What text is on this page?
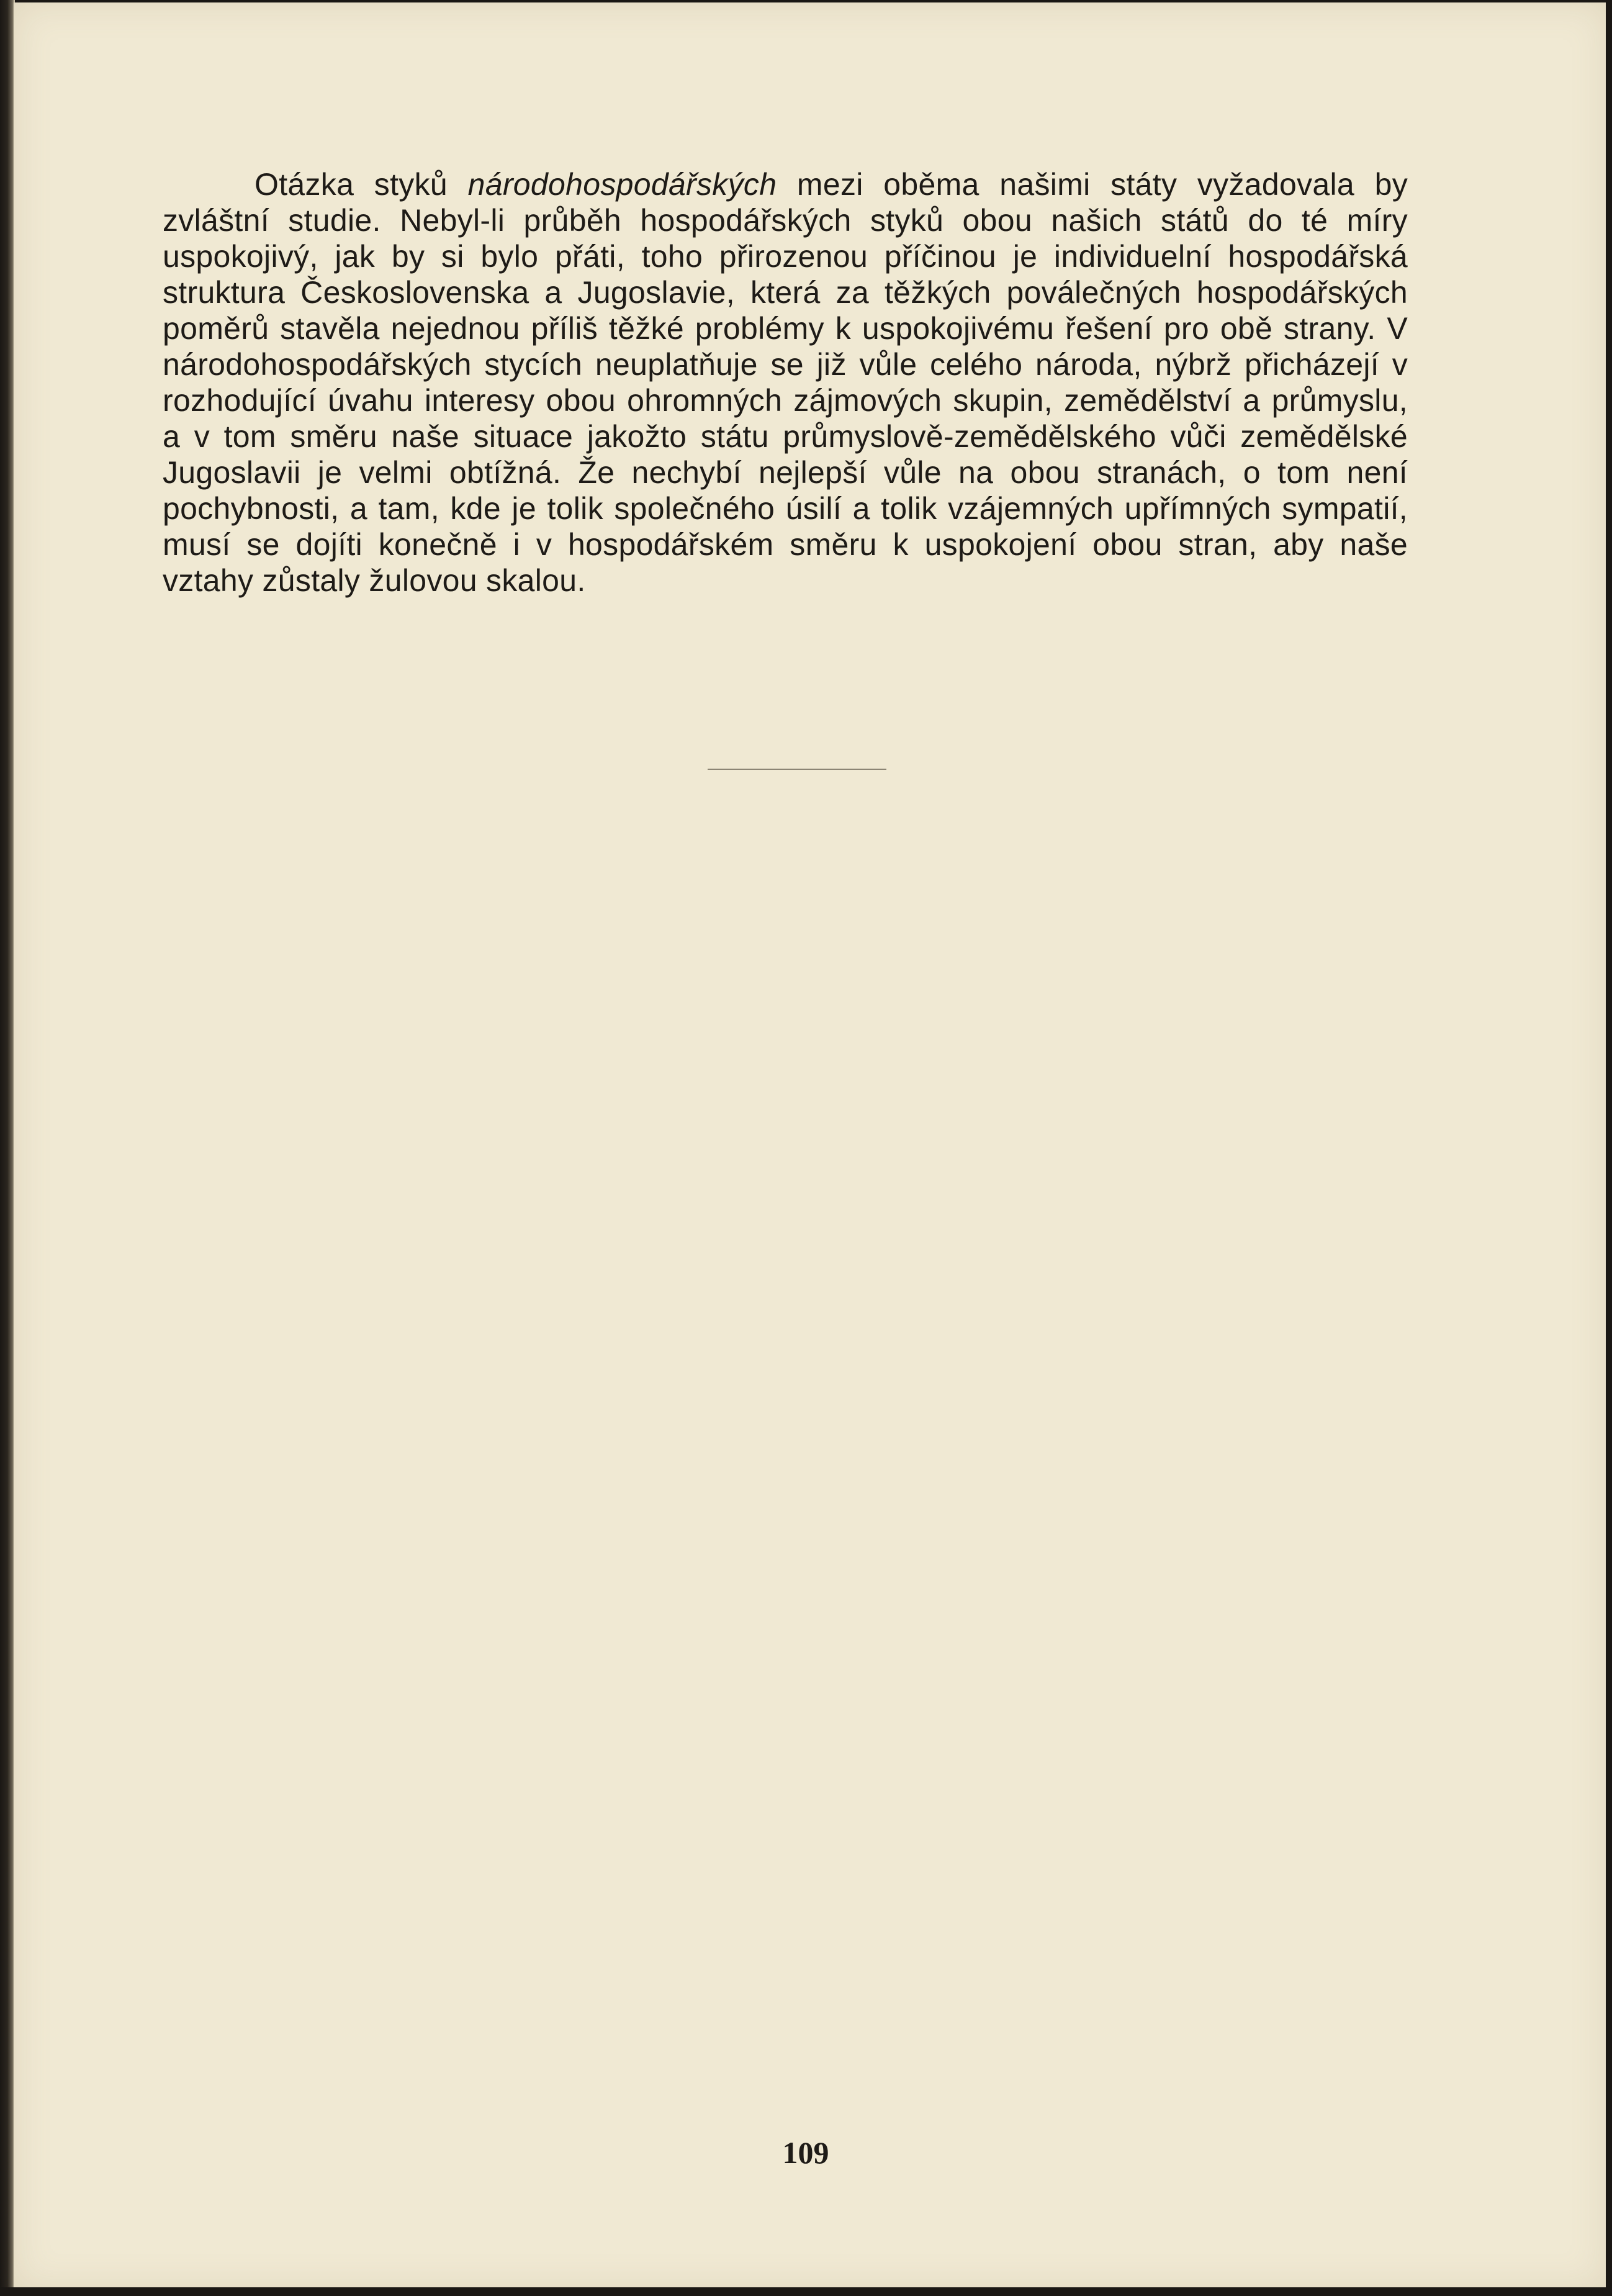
Otázka styků národohospodářských mezi oběma našimi státy vyžadovala by zvláštní studie. Nebyl-li průběh hospodářských styků obou našich států do té míry uspokojivý, jak by si bylo přáti, toho přirozenou příčinou je individuelní hospodářská struktura Československa a Jugoslavie, která za těžkých poválečných hospodářských poměrů stavěla nejednou příliš těžké problémy k uspokojivému řešení pro obě strany. V národohospodářských stycích neuplatňuje se již vůle celého národa, nýbrž přicházejí v rozhodující úvahu interesy obou ohromných zájmových skupin, zemědělství a průmyslu, a v tom směru naše situace jakožto státu průmyslově-zemědělského vůči zemědělské Jugoslavii je velmi obtížná. Že nechybí nejlepší vůle na obou stranách, o tom není pochybnosti, a tam, kde je tolik společného úsilí a tolik vzájemných upřímných sympatií, musí se dojíti konečně i v hospodářském směru k uspokojení obou stran, aby naše vztahy zůstaly žulovou skalou.

109
